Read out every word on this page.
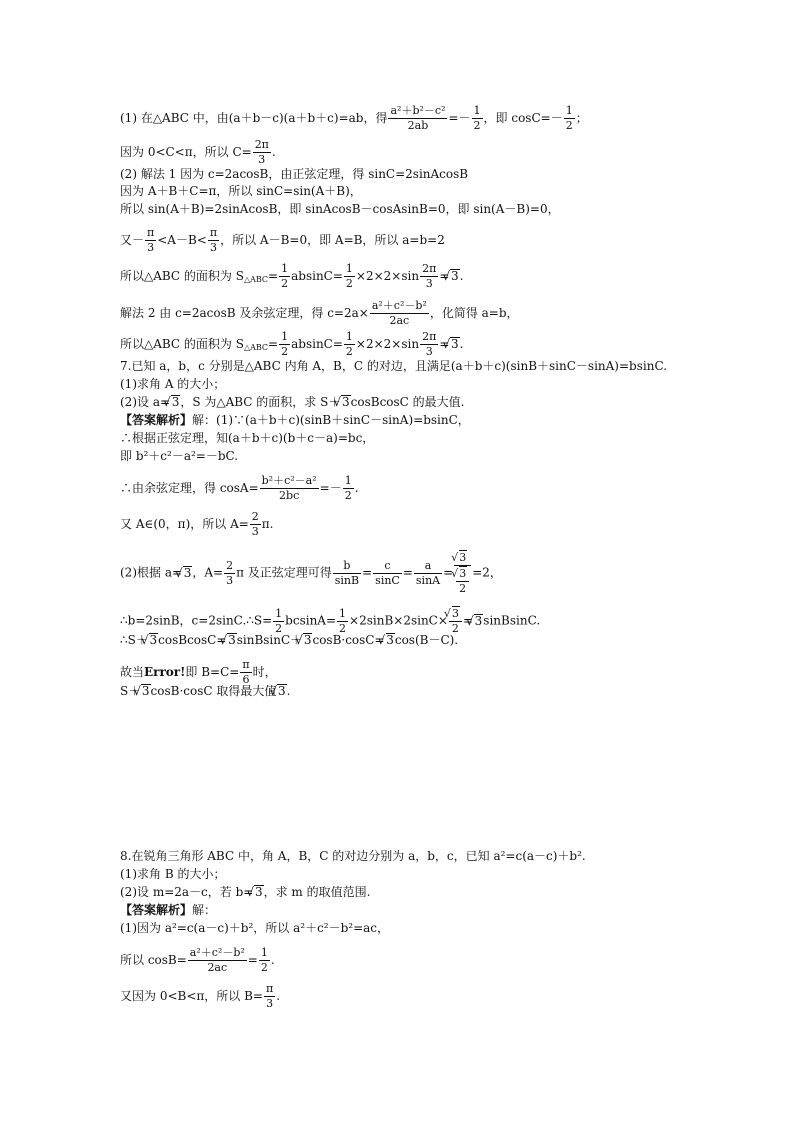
(1) 在△ABC 中，由(a＋b－c)(a＋b＋c)=ab，得 $\frac{\text{a²＋b²－c²}}{2ab} =- \frac{1}{2}$ ，即 $\cos C=- \frac{1}{2}$ ；
因为 0<C<π，所以 $C= \frac{2\pi}{3}$ .
(2) 解法 1 因为 c=2acosB，由正弦定理，得 sinC=2sinAcosB
因为 A＋B＋C=π，所以 sinC=sin(A＋B)，
所以 sin(A＋B)=2sinAcosB，即 sinAcosB－cosAsinB=0，即 sin(A－B)=0，
又－ $\frac{\pi}{3} <A-B< \frac{\pi}{3}$ ，所以 A－B=0，即 A=B，所以 a=b=2
所以△ABC 的面积为 $S_{\triangle ABC}= \frac{1}{2} absinC= \frac{1}{2} \times 2\times 2\times\sin \frac{2\pi}{3}$ = √ 3.
解法 2 由 c=2acosB 及余弦定理，得 $c=2a\times \frac{\text{a²＋c²－b²}}{2ac}$ ，化简得 a=b，
所以△ABC 的面积为 $S_{\triangle ABC}= \frac{1}{2} absinC= \frac{1}{2} \times 2\times 2\times\sin \frac{2\pi}{3}$ = √ 3.
7.已知 a，b，c 分别是△ABC 内角 A，B，C 的对边，且满足(a＋b＋c)(sinB＋sinC－sinA)=bsinC.
(1)求角 A 的大小；
(2)设 a= √ 3，S 为△ABC 的面积，求 S＋ √ 3cosBcosC 的最大值.
【答案解析】解：(1)∵(a＋b＋c)(sinB＋sinC－sinA)=bsinC，
∴根据正弦定理，知(a＋b＋c)(b＋c－a)=bc，
即 b²＋c²－a²=－bC.
∴由余弦定理，得 $\cos A= \frac{\text{b²＋c²－a²}}{2bc} =- \frac{1}{2}$ .
又 A∈(0，π)，所以 $A= \frac{2}{3} \pi$.
(2)根据 a= √ 3，$A= \frac{2}{3}$ π 及正弦定理可得 $\frac{b}{\sin B} = \frac{c}{\sin C} = \frac{a}{\sin A}$ = √ 3
√ $\frac{3}{2} =2$，
∴b=2sinB，c=2sinC.∴S= $\frac{1}{2} bcsinA= \frac{1}{2} \times 2\sin B\times 2\sin C\times$ √ $\frac{3}{2}$ = √ 3sinBsinC.
∴S＋ √ 3cosBcosC= √ 3sinBsinC＋ √ 3cosB·cosC= √ 3cos(B－C).
故当Error!即 $B=C= \frac{\pi}{6}$ 时，
S＋ √ 3cosB·cosC 取得最大值 √ 3.
8.在锐角三角形 ABC 中，角 A，B，C 的对边分别为 a，b，c，已知 a²=c(a－c)＋b².
(1)求角 B 的大小；
(2)设 m=2a－c，若 b= √ 3，求 m 的取值范围.
【答案解析】解：
(1)因为 a²=c(a－c)＋b²，所以 a²＋c²－b²=ac，
所以 $\cos B= \frac{\text{a²＋c²－b²}}{2ac} = \frac{1}{2}$ .
又因为 0<B<π，所以 $B= \frac{\pi}{3}$ .
